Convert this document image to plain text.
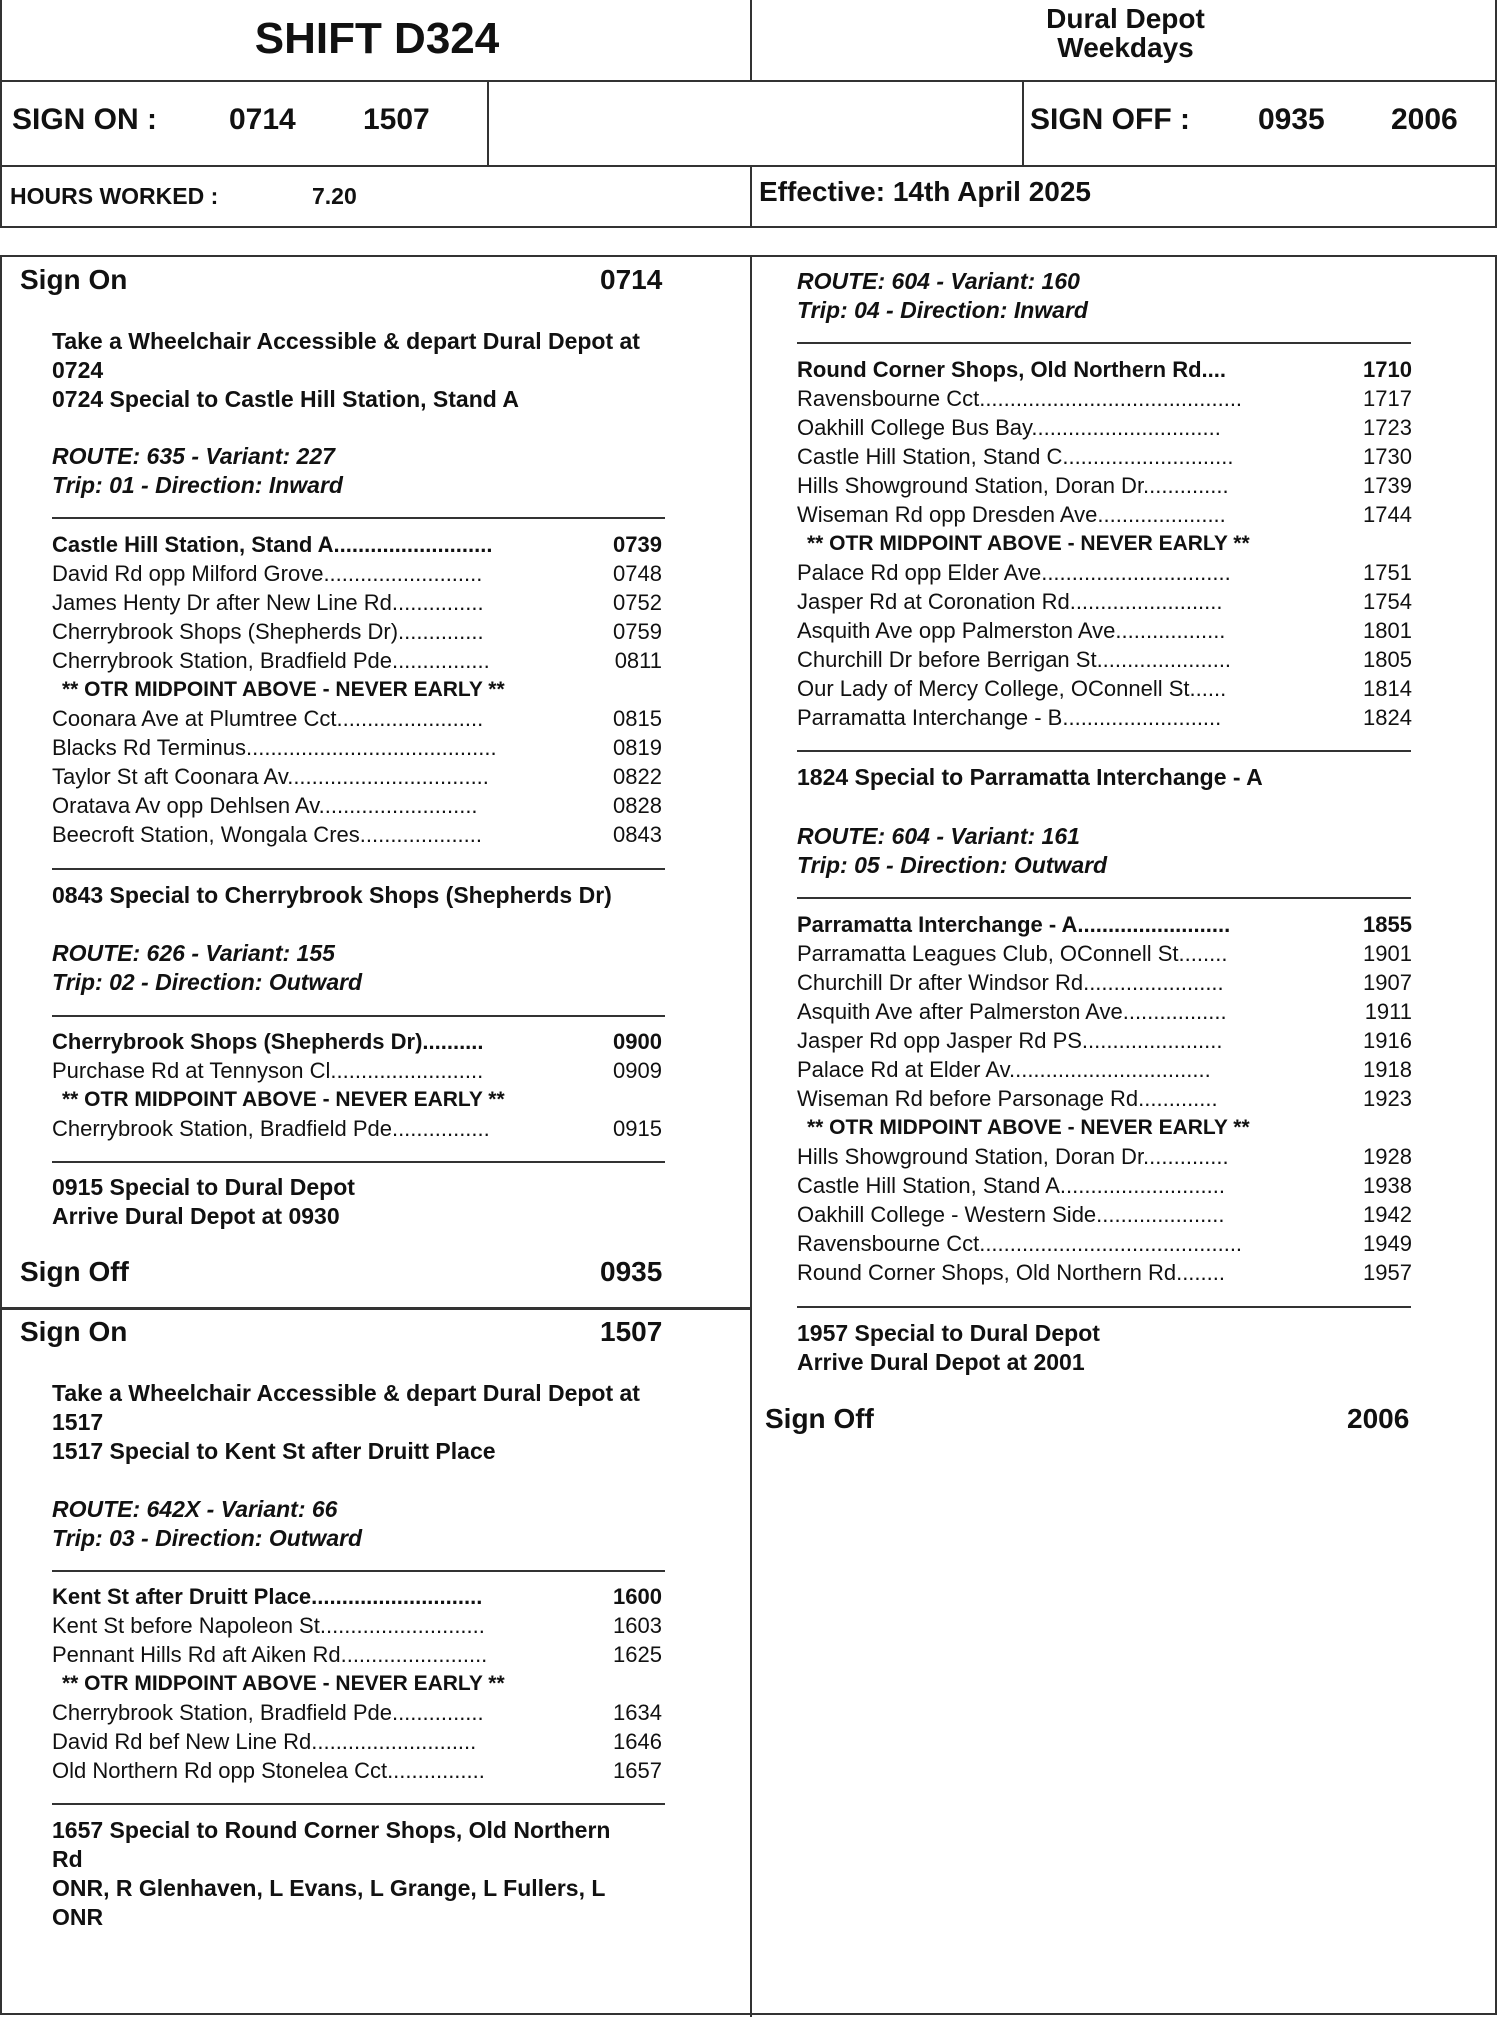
SHIFT D324	Dural Depot
Weekdays
SIGN ON : 0714 1507	SIGN OFF : 0935 2006
HOURS WORKED :	7.20	Effective: 14th April 2025
Sign On	0714
Take a Wheelchair Accessible & depart Dural Depot at
0724
0724 Special to Castle Hill Station, Stand A
ROUTE: 635 - Variant: 227
Trip: 01 - Direction: Inward
Castle Hill Station, Stand A..........................	0739
David Rd opp Milford Grove..........................	0748
James Henty Dr after New Line Rd...............	0752
Cherrybrook Shops (Shepherds Dr)..............	0759
Cherrybrook Station, Bradfield Pde................	0811
** OTR MIDPOINT ABOVE - NEVER EARLY **
Coonara Ave at Plumtree Cct........................	0815
Blacks Rd Terminus.........................................	0819
Taylor St aft Coonara Av.................................	0822
Oratava Av opp Dehlsen Av..........................	0828
Beecroft Station, Wongala Cres....................	0843
0843 Special to Cherrybrook Shops (Shepherds Dr)
ROUTE: 626 - Variant: 155
Trip: 02 - Direction: Outward
Cherrybrook Shops (Shepherds Dr)..........	0900
Purchase Rd at Tennyson Cl.........................	0909
** OTR MIDPOINT ABOVE - NEVER EARLY **
Cherrybrook Station, Bradfield Pde................	0915
0915 Special to Dural Depot
Arrive Dural Depot at 0930
Sign Off	0935
Sign On	1507
Take a Wheelchair Accessible & depart Dural Depot at
1517
1517 Special to Kent St after Druitt Place
ROUTE: 642X - Variant: 66
Trip: 03 - Direction: Outward
Kent St after Druitt Place............................	1600
Kent St before Napoleon St...........................	1603
Pennant Hills Rd aft Aiken Rd........................	1625
** OTR MIDPOINT ABOVE - NEVER EARLY **
Cherrybrook Station, Bradfield Pde...............	1634
David Rd bef New Line Rd...........................	1646
Old Northern Rd opp Stonelea Cct................	1657
1657 Special to Round Corner Shops, Old Northern
Rd
ONR, R Glenhaven, L Evans, L Grange, L Fullers, L
ONR
ROUTE: 604 - Variant: 160
Trip: 04 - Direction: Inward
Round Corner Shops, Old Northern Rd....	1710
Ravensbourne Cct...........................................	1717
Oakhill College Bus Bay...............................	1723
Castle Hill Station, Stand C............................	1730
Hills Showground Station, Doran Dr..............	1739
Wiseman Rd opp Dresden Ave.....................	1744
** OTR MIDPOINT ABOVE - NEVER EARLY **
Palace Rd opp Elder Ave...............................	1751
Jasper Rd at Coronation Rd.........................	1754
Asquith Ave opp Palmerston Ave..................	1801
Churchill Dr before Berrigan St......................	1805
Our Lady of Mercy College, OConnell St......	1814
Parramatta Interchange - B..........................	1824
1824 Special to Parramatta Interchange - A
ROUTE: 604 - Variant: 161
Trip: 05 - Direction: Outward
Parramatta Interchange - A.........................	1855
Parramatta Leagues Club, OConnell St........	1901
Churchill Dr after Windsor Rd.......................	1907
Asquith Ave after Palmerston Ave.................	1911
Jasper Rd opp Jasper Rd PS.......................	1916
Palace Rd at Elder Av.................................	1918
Wiseman Rd before Parsonage Rd.............	1923
** OTR MIDPOINT ABOVE - NEVER EARLY **
Hills Showground Station, Doran Dr..............	1928
Castle Hill Station, Stand A...........................	1938
Oakhill College - Western Side.....................	1942
Ravensbourne Cct...........................................	1949
Round Corner Shops, Old Northern Rd........	1957
1957 Special to Dural Depot
Arrive Dural Depot at 2001
Sign Off	2006
